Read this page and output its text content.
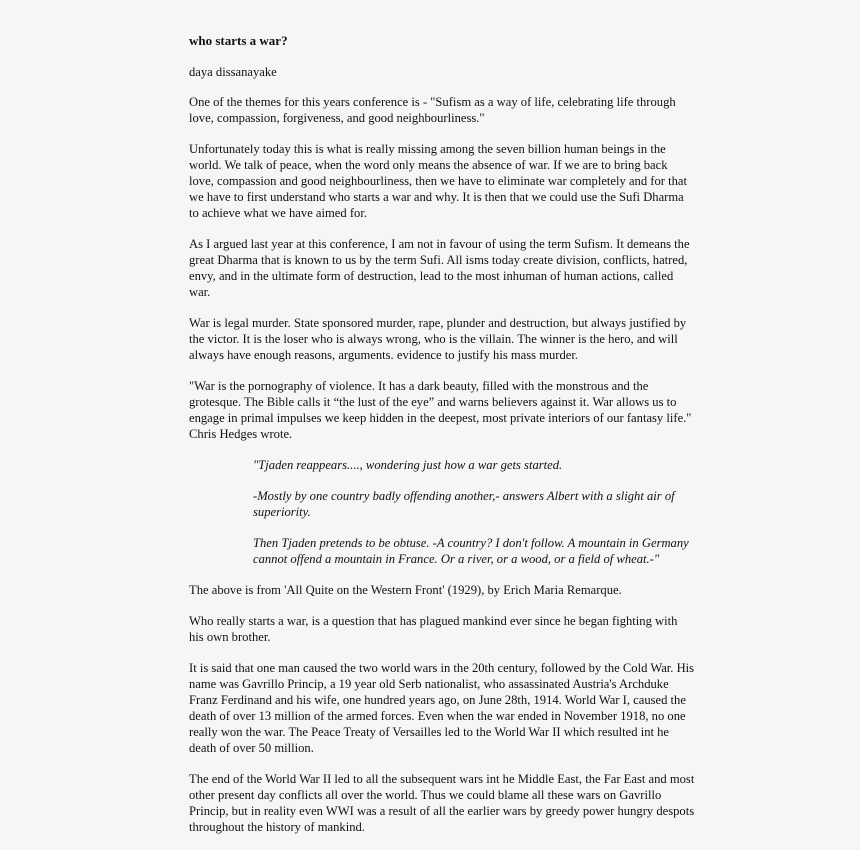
who starts a war?
daya dissanayake
One of the themes for this years conference is - "Sufism as a way of life, celebrating life through
love, compassion, forgiveness, and good neighbourliness."
Unfortunately today this is what is really missing among the seven billion human beings in the
world. We talk of peace, when the word only means the absence of war. If we are to bring back
love, compassion and good neighbourliness, then we have to eliminate war completely and for that
we have to first understand who starts a war and why. It is then that we could use the Sufi Dharma
to achieve what we have aimed for.
As I argued last year at this conference, I am not in favour of using the term Sufism. It demeans the
great Dharma that is known to us by the term Sufi. All isms today create division, conflicts, hatred,
envy, and in the ultimate form of destruction, lead to the most inhuman of human actions, called
war.
War is legal murder. State sponsored murder, rape, plunder and destruction, but always justified by
the victor. It is the loser who is always wrong, who is the villain. The winner is the hero, and will
always have enough reasons, arguments. evidence to justify his mass murder.
"War is the pornography of violence. It has a dark beauty, filled with the monstrous and the
grotesque. The Bible calls it “the lust of the eye” and warns believers against it. War allows us to
engage in primal impulses we keep hidden in the deepest, most private interiors of our fantasy life."
Chris Hedges wrote.
"Tjaden reappears...., wondering just how a war gets started.
-Mostly by one country badly offending another,- answers Albert with a slight air of
superiority.
Then Tjaden pretends to be obtuse. -A country? I don't follow. A mountain in Germany
cannot offend a mountain in France. Or a river, or a wood, or a field of wheat.-"
The above is from 'All Quite on the Western Front' (1929), by Erich Maria Remarque.
Who really starts a war, is a question that has plagued mankind ever since he began fighting with
his own brother.
It is said that one man caused the two world wars in the 20th century, followed by the Cold War. His
name was Gavrillo Princip, a 19 year old Serb nationalist, who assassinated Austria's Archduke
Franz Ferdinand and his wife, one hundred years ago, on June 28th, 1914. World War I, caused the
death of over 13 million of the armed forces. Even when the war ended in November 1918, no one
really won the war. The Peace Treaty of Versailles led to the World War II which resulted int he
death of over 50 million.
The end of the World War II led to all the subsequent wars int he Middle East, the Far East and most
other present day conflicts all over the world. Thus we could blame all these wars on Gavrillo
Princip, but in reality even WWI was a result of all the earlier wars by greedy power hungry despots
throughout the history of mankind.
